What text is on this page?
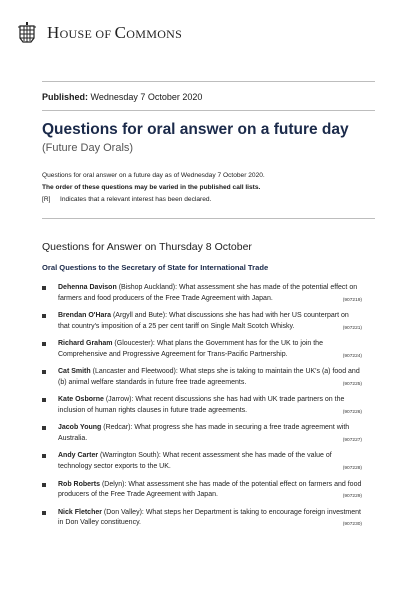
HOUSE OF COMMONS
Published: Wednesday 7 October 2020
Questions for oral answer on a future day
(Future Day Orals)
Questions for oral answer on a future day as of Wednesday 7 October 2020.
The order of these questions may be varied in the published call lists.
[R] Indicates that a relevant interest has been declared.
Questions for Answer on Thursday 8 October
Oral Questions to the Secretary of State for International Trade
Dehenna Davison (Bishop Auckland): What assessment she has made of the potential effect on farmers and food producers of the Free Trade Agreement with Japan.	(907219)
Brendan O'Hara (Argyll and Bute): What discussions she has had with her US counterpart on that country's imposition of a 25 per cent tariff on Single Malt Scotch Whisky.	(907221)
Richard Graham (Gloucester): What plans the Government has for the UK to join the Comprehensive and Progressive Agreement for Trans-Pacific Partnership.	(907224)
Cat Smith (Lancaster and Fleetwood): What steps she is taking to maintain the UK's (a) food and (b) animal welfare standards in future free trade agreements.	(907225)
Kate Osborne (Jarrow): What recent discussions she has had with UK trade partners on the inclusion of human rights clauses in future trade agreements.	(907226)
Jacob Young (Redcar): What progress she has made in securing a free trade agreement with Australia.	(907227)
Andy Carter (Warrington South): What recent assessment she has made of the value of technology sector exports to the UK.	(907228)
Rob Roberts (Delyn): What assessment she has made of the potential effect on farmers and food producers of the Free Trade Agreement with Japan.	(907229)
Nick Fletcher (Don Valley): What steps her Department is taking to encourage foreign investment in Don Valley constituency.	(907230)
